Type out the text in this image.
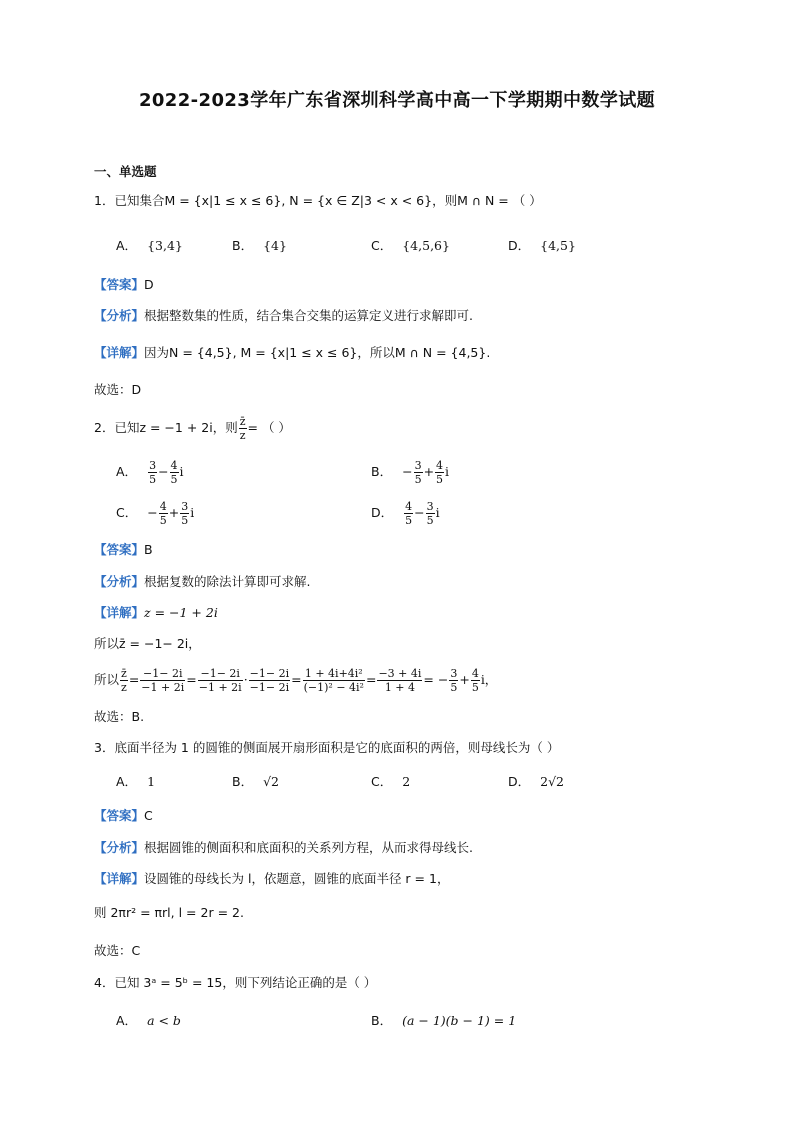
2022-2023学年广东省深圳科学高中高一下学期期中数学试题
一、单选题
1．已知集合M = {x|1 ≤ x ≤ 6}, N = {x ∈ Z|3 < x < 6}，则M ∩ N = （ ）
A． {3,4}	B． {4}	C． {4,5,6}	D． {4,5}
【答案】D
【分析】根据整数集的性质，结合集合交集的运算定义进行求解即可.
【详解】因为N = {4,5}, M = {x|1 ≤ x ≤ 6}，所以M ∩ N = {4,5}.
故选：D
2．已知z = −1 + 2i，则 $\frac{z̄}{z}$ = （ ）
A． $\frac{3}{5} - \frac{4}{5}$ i	B． − $\frac{3}{5} + \frac{4}{5}$ i
C． − $\frac{4}{5} + \frac{3}{5}$ i	D． $\frac{4}{5} - \frac{3}{5}$ i
【答案】B
【分析】根据复数的除法计算即可求解.
【详解】z = −1 + 2i
所以z̄ = −1− 2i，
所以 $\frac{z̄}{z} = \frac{-1- 2i}{-1 + 2i} = \frac{-1- 2i}{-1 + 2i} \cdot \frac{-1- 2i}{-1- 2i} = \frac{\text{1 + 4i+4i²}}{\text{(−1)² − 4i²}} = \frac{-3 + 4i}{1 + 4}$ = − $\frac{3}{5} + \frac{4}{5}$ i，
故选：B.
3．底面半径为 1 的圆锥的侧面展开扇形面积是它的底面积的两倍，则母线长为（ ）
A． 1	B． √2	C． 2	D． 2√2
【答案】C
【分析】根据圆锥的侧面积和底面积的关系列方程，从而求得母线长.
【详解】设圆锥的母线长为 l，依题意，圆锥的底面半径 r = 1，
则 2πr² = πrl, l = 2r = 2.
故选：C
4．已知 3ᵃ = 5ᵇ = 15，则下列结论正确的是（ ）
A． a < b	B． (a − 1)(b − 1) = 1
